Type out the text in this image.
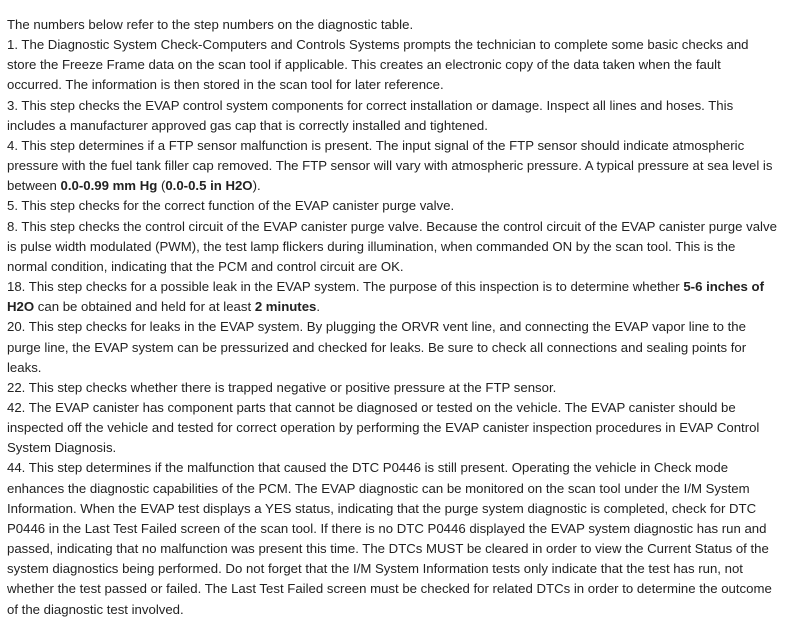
The numbers below refer to the step numbers on the diagnostic table.

1. The Diagnostic System Check-Computers and Controls Systems prompts the technician to complete some basic checks and store the Freeze Frame data on the scan tool if applicable. This creates an electronic copy of the data taken when the fault occurred. The information is then stored in the scan tool for later reference.

3. This step checks the EVAP control system components for correct installation or damage. Inspect all lines and hoses. This includes a manufacturer approved gas cap that is correctly installed and tightened.

4. This step determines if a FTP sensor malfunction is present. The input signal of the FTP sensor should indicate atmospheric pressure with the fuel tank filler cap removed. The FTP sensor will vary with atmospheric pressure. A typical pressure at sea level is between 0.0-0.99 mm Hg (0.0-0.5 in H2O).

5. This step checks for the correct function of the EVAP canister purge valve.

8. This step checks the control circuit of the EVAP canister purge valve. Because the control circuit of the EVAP canister purge valve is pulse width modulated (PWM), the test lamp flickers during illumination, when commanded ON by the scan tool. This is the normal condition, indicating that the PCM and control circuit are OK.

18. This step checks for a possible leak in the EVAP system. The purpose of this inspection is to determine whether 5-6 inches of H2O can be obtained and held for at least 2 minutes.

20. This step checks for leaks in the EVAP system. By plugging the ORVR vent line, and connecting the EVAP vapor line to the purge line, the EVAP system can be pressurized and checked for leaks. Be sure to check all connections and sealing points for leaks.

22. This step checks whether there is trapped negative or positive pressure at the FTP sensor.

42. The EVAP canister has component parts that cannot be diagnosed or tested on the vehicle. The EVAP canister should be inspected off the vehicle and tested for correct operation by performing the EVAP canister inspection procedures in EVAP Control System Diagnosis.

44. This step determines if the malfunction that caused the DTC P0446 is still present. Operating the vehicle in Check mode enhances the diagnostic capabilities of the PCM. The EVAP diagnostic can be monitored on the scan tool under the I/M System Information. When the EVAP test displays a YES status, indicating that the purge system diagnostic is completed, check for DTC P0446 in the Last Test Failed screen of the scan tool. If there is no DTC P0446 displayed the EVAP system diagnostic has run and passed, indicating that no malfunction was present this time. The DTCs MUST be cleared in order to view the Current Status of the system diagnostics being performed. Do not forget that the I/M System Information tests only indicate that the test has run, not whether the test passed or failed. The Last Test Failed screen must be checked for related DTCs in order to determine the outcome of the diagnostic test involved.
